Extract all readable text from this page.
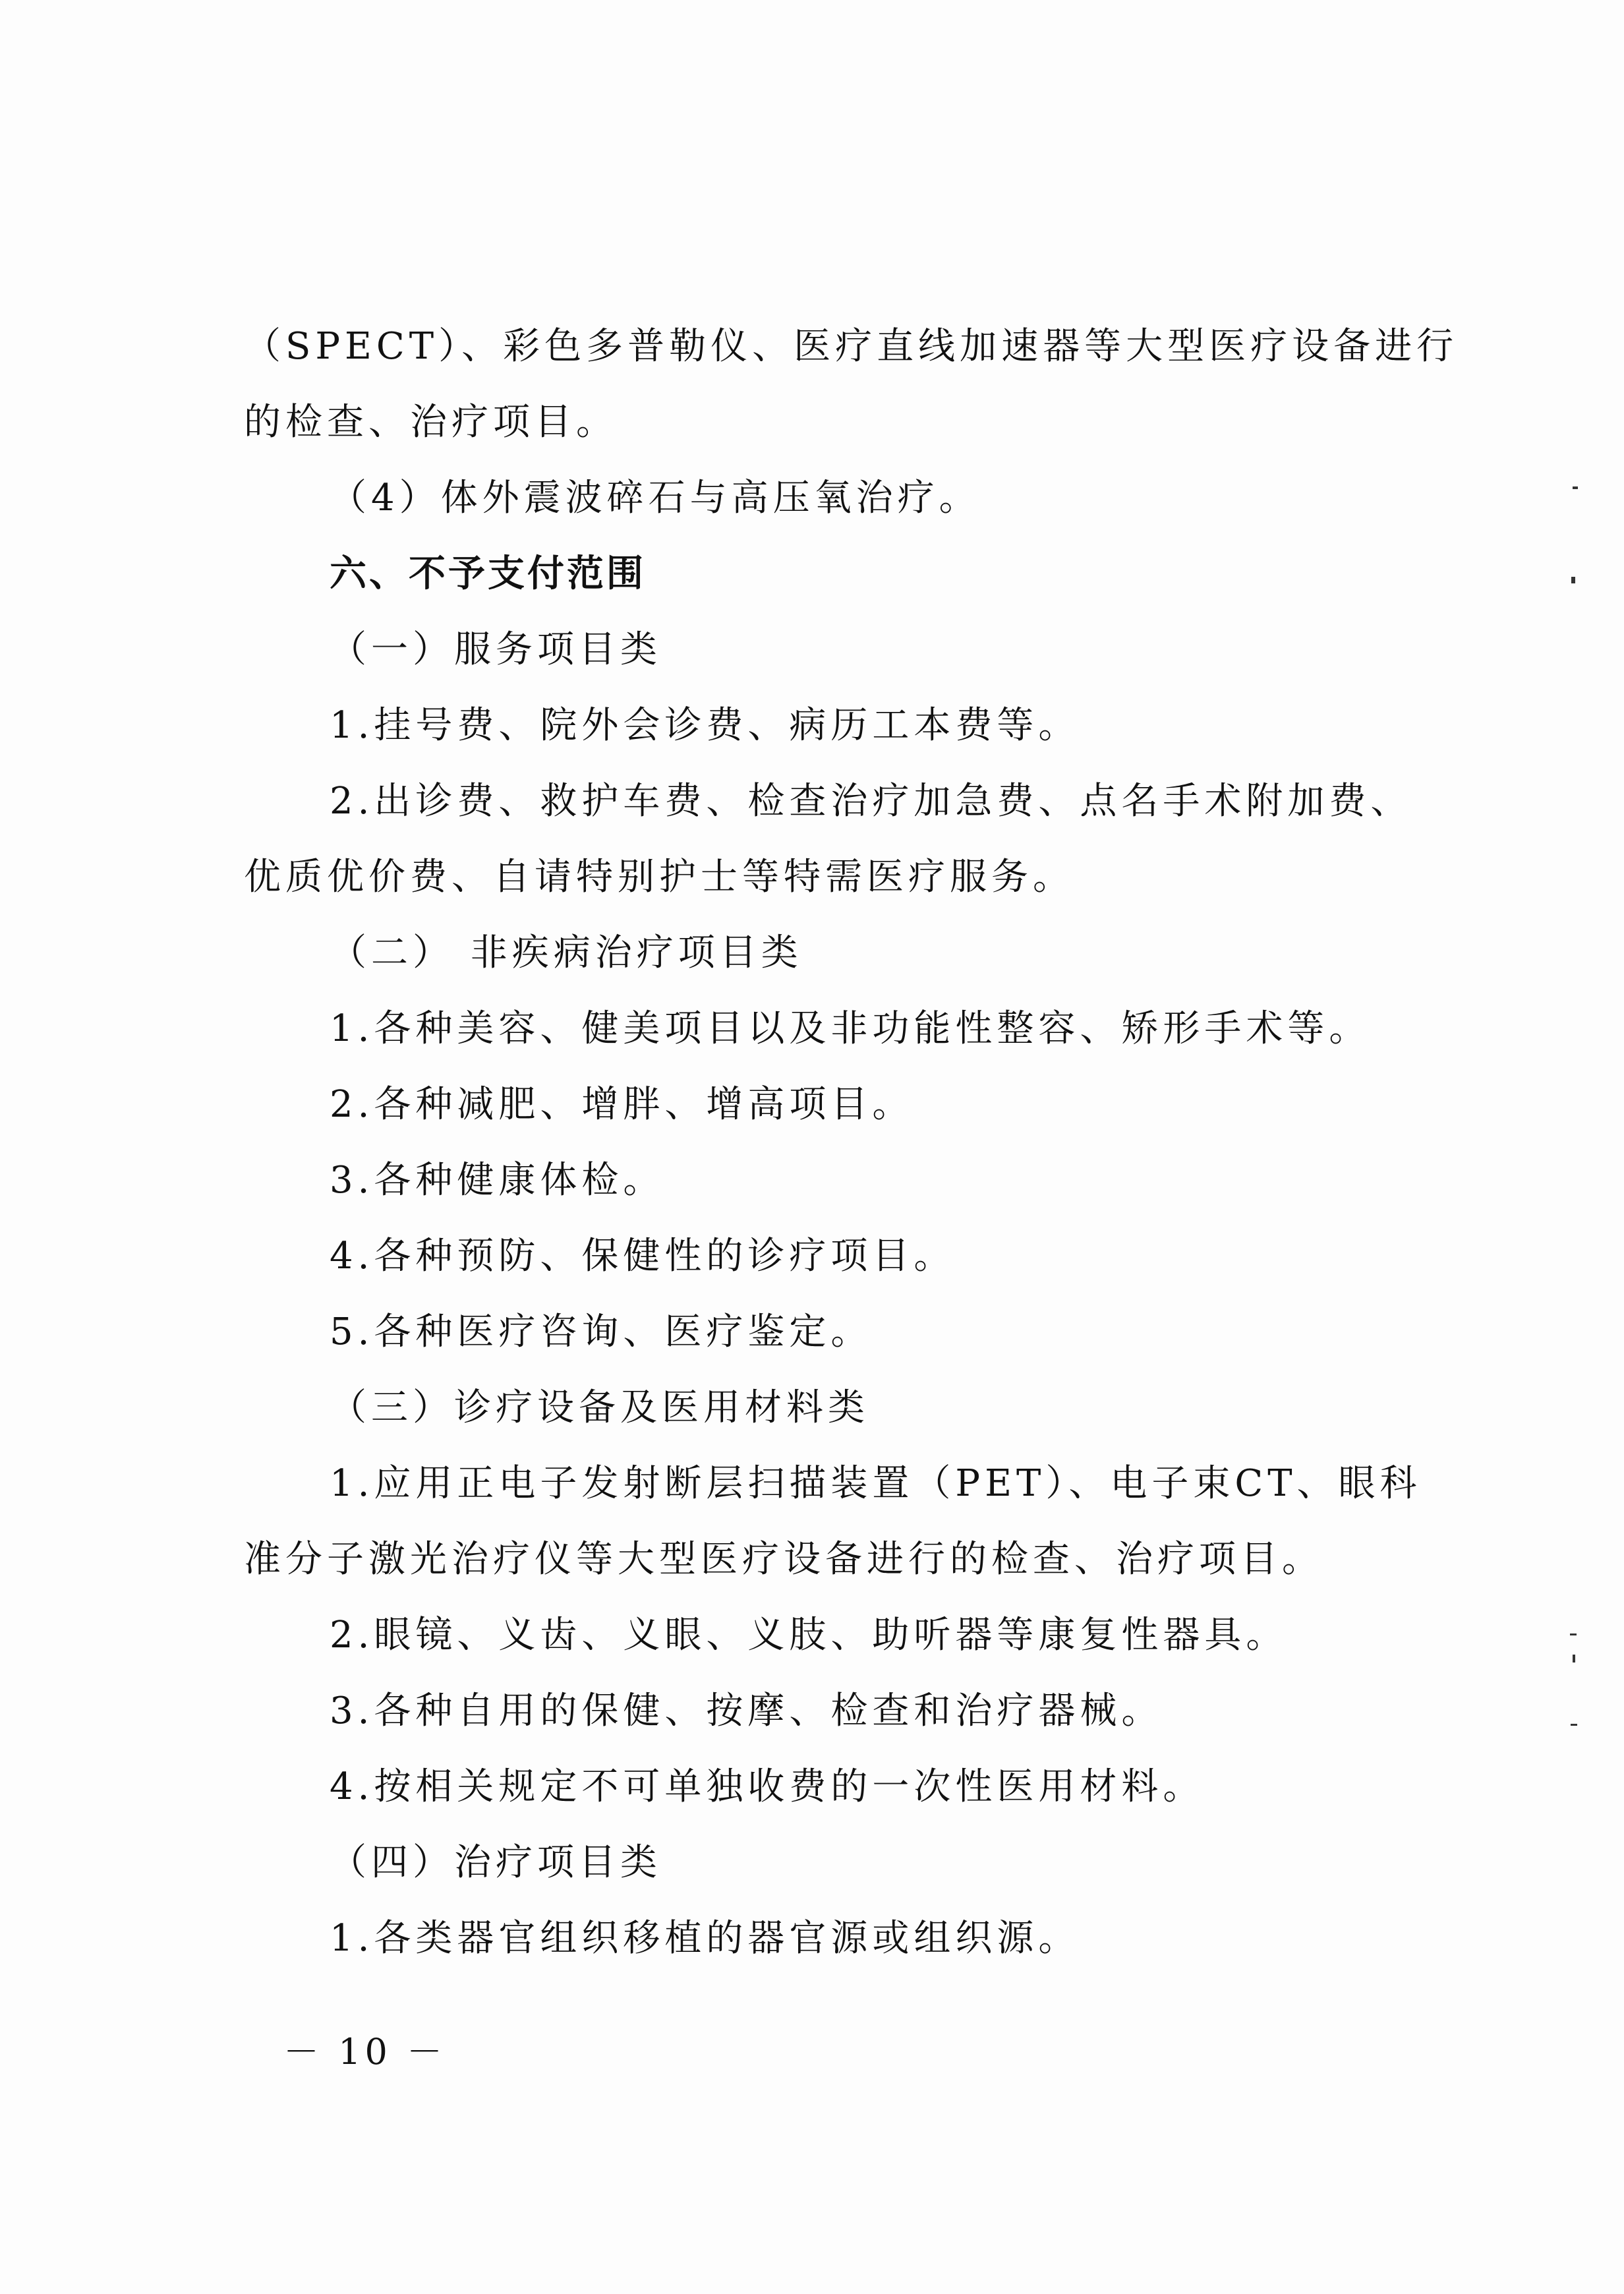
（SPECT）、彩色多普勒仪、医疗直线加速器等大型医疗设备进行
的检查、治疗项目。
（4）体外震波碎石与高压氧治疗。
六、不予支付范围
（一）服务项目类
1.挂号费、院外会诊费、病历工本费等。
2.出诊费、救护车费、检查治疗加急费、点名手术附加费、
优质优价费、自请特别护士等特需医疗服务。
（二） 非疾病治疗项目类
1.各种美容、健美项目以及非功能性整容、矫形手术等。
2.各种减肥、增胖、增高项目。
3.各种健康体检。
4.各种预防、保健性的诊疗项目。
5.各种医疗咨询、医疗鉴定。
（三）诊疗设备及医用材料类
1.应用正电子发射断层扫描装置（PET）、电子束CT、眼科
准分子激光治疗仪等大型医疗设备进行的检查、治疗项目。
2.眼镜、义齿、义眼、义肢、助听器等康复性器具。
3.各种自用的保健、按摩、检查和治疗器械。
4.按相关规定不可单独收费的一次性医用材料。
（四）治疗项目类
1.各类器官组织移植的器官源或组织源。
－ 10 －
